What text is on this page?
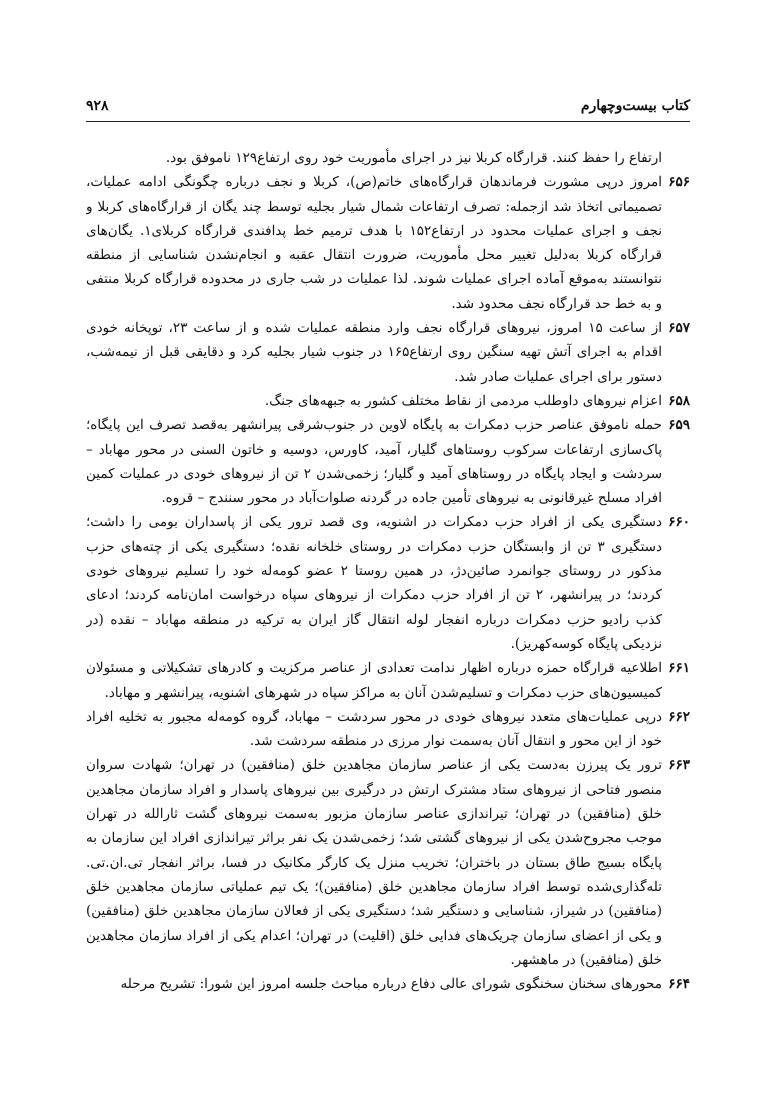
کتاب بیست‌وچهارم
۹۲۸
ارتفاع را حفظ کنند. قرارگاه کربلا نیز در اجرای مأموریت خود روی ارتفاع۱۲۹ ناموفق بود.
۶۵۶
امروز درپی مشورت فرماندهان قرارگاه‌های خاتم(ص)، کربلا و نجف درباره چگونگی ادامه عملیات، تصمیماتی اتخاذ شد ازجمله: تصرف ارتفاعات شمال شیار بجلیه توسط چند یگان از قرارگاه‌های کربلا و نجف و اجرای عملیات محدود در ارتفاع۱۵۲ با هدف ترمیم خط پدافندی قرارگاه کربلای۱. یگان‌های قرارگاه کربلا به‌دلیل تغییر محل مأموریت، ضرورت انتقال عقبه و انجام‌نشدن شناسایی از منطقه نتوانستند به‌موقع آماده اجرای عملیات شوند. لذا عملیات در شب جاری در محدوده قرارگاه کربلا منتفی و به خط حد قرارگاه نجف محدود شد.
۶۵۷
از ساعت ۱۵ امروز، نیروهای قرارگاه نجف وارد منطقه عملیات شده و از ساعت ۲۳، توپخانه خودی اقدام به اجرای آتش تهیه سنگین روی ارتفاع۱۶۵ در جنوب شیار بجلیه کرد و دقایقی قبل از نیمه‌شب، دستور برای اجرای عملیات صادر شد.
۶۵۸
اعزام نیروهای داوطلب مردمی از نقاط مختلف کشور به جبهه‌های جنگ.
۶۵۹
حمله ناموفق عناصر حزب دمکرات به پایگاه لاوین در جنوب‌شرقی پیرانشهر به‌قصد تصرف این پایگاه؛ پاک‌سازی ارتفاعات سرکوب روستاهای گلیار، آمید، کاورس، دوسیه و خاتون السنی در محور مهاباد – سردشت و ایجاد پایگاه در روستاهای آمید و گلیار؛ زخمی‌شدن ۲ تن از نیروهای خودی در عملیات کمین افراد مسلح غیرقانونی به نیروهای تأمین جاده در گردنه صلوات‌آباد در محور سنندج – قروه.
۶۶۰
دستگیری یکی از افراد حزب دمکرات در اشنویه، وی قصد ترور یکی از پاسداران بومی را داشت؛ دستگیری ۳ تن از وابستگان حزب دمکرات در روستای خلخانه نقده؛ دستگیری یکی از چته‌های حزب مذکور در روستای جوانمرد صائین‌دژ، در همین روستا ۲ عضو کومه‌له خود را تسلیم نیروهای خودی کردند؛ در پیرانشهر، ۲ تن از افراد حزب دمکرات از نیروهای سپاه درخواست امان‌نامه کردند؛ ادعای کذب رادیو حزب دمکرات درباره انفجار لوله انتقال گاز ایران به ترکیه در منطقه مهاباد – نقده (در نزدیکی پایگاه کوسه‌کهریز).
۶۶۱
اطلاعیه قرارگاه حمزه درباره اظهار ندامت تعدادی از عناصر مرکزیت و کادرهای تشکیلاتی و مسئولان کمیسیون‌های حزب دمکرات و تسلیم‌شدن آنان به مراکز سپاه در شهرهای اشنویه، پیرانشهر و مهاباد.
۶۶۲
درپی عملیات‌های متعدد نیروهای خودی در محور سردشت – مهاباد، گروه کومه‌له مجبور به تخلیه افراد خود از این محور و انتقال آنان به‌سمت نوار مرزی در منطقه سردشت شد.
۶۶۳
ترور یک پیرزن به‌دست یکی از عناصر سازمان مجاهدین خلق (منافقین) در تهران؛ شهادت سروان منصور فتاحی از نیروهای ستاد مشترک ارتش در درگیری بین نیروهای پاسدار و افراد سازمان مجاهدین خلق (منافقین) در تهران؛ تیراندازی عناصر سازمان مزبور به‌سمت نیروهای گشت ثارالله در تهران موجب مجروح‌شدن یکی از نیروهای گشتی شد؛ زخمی‌شدن یک نفر براثر تیراندازی افراد این سازمان به پایگاه بسیج طاق بستان در باختران؛ تخریب منزل یک کارگر مکانیک در فسا، براثر انفجار تی.ان.تی. تله‌گذاری‌شده توسط افراد سازمان مجاهدین خلق (منافقین)؛ یک تیم عملیاتی سازمان مجاهدین خلق (منافقین) در شیراز، شناسایی و دستگیر شد؛ دستگیری یکی از فعالان سازمان مجاهدین خلق (منافقین) و یکی از اعضای سازمان چریک‌های فدایی خلق (اقلیت) در تهران؛ اعدام یکی از افراد سازمان مجاهدین خلق (منافقین) در ماهشهر.
۶۶۴
محورهای سخنان سخنگوی شورای عالی دفاع درباره مباحث جلسه امروز این شورا: تشریح مرحله
